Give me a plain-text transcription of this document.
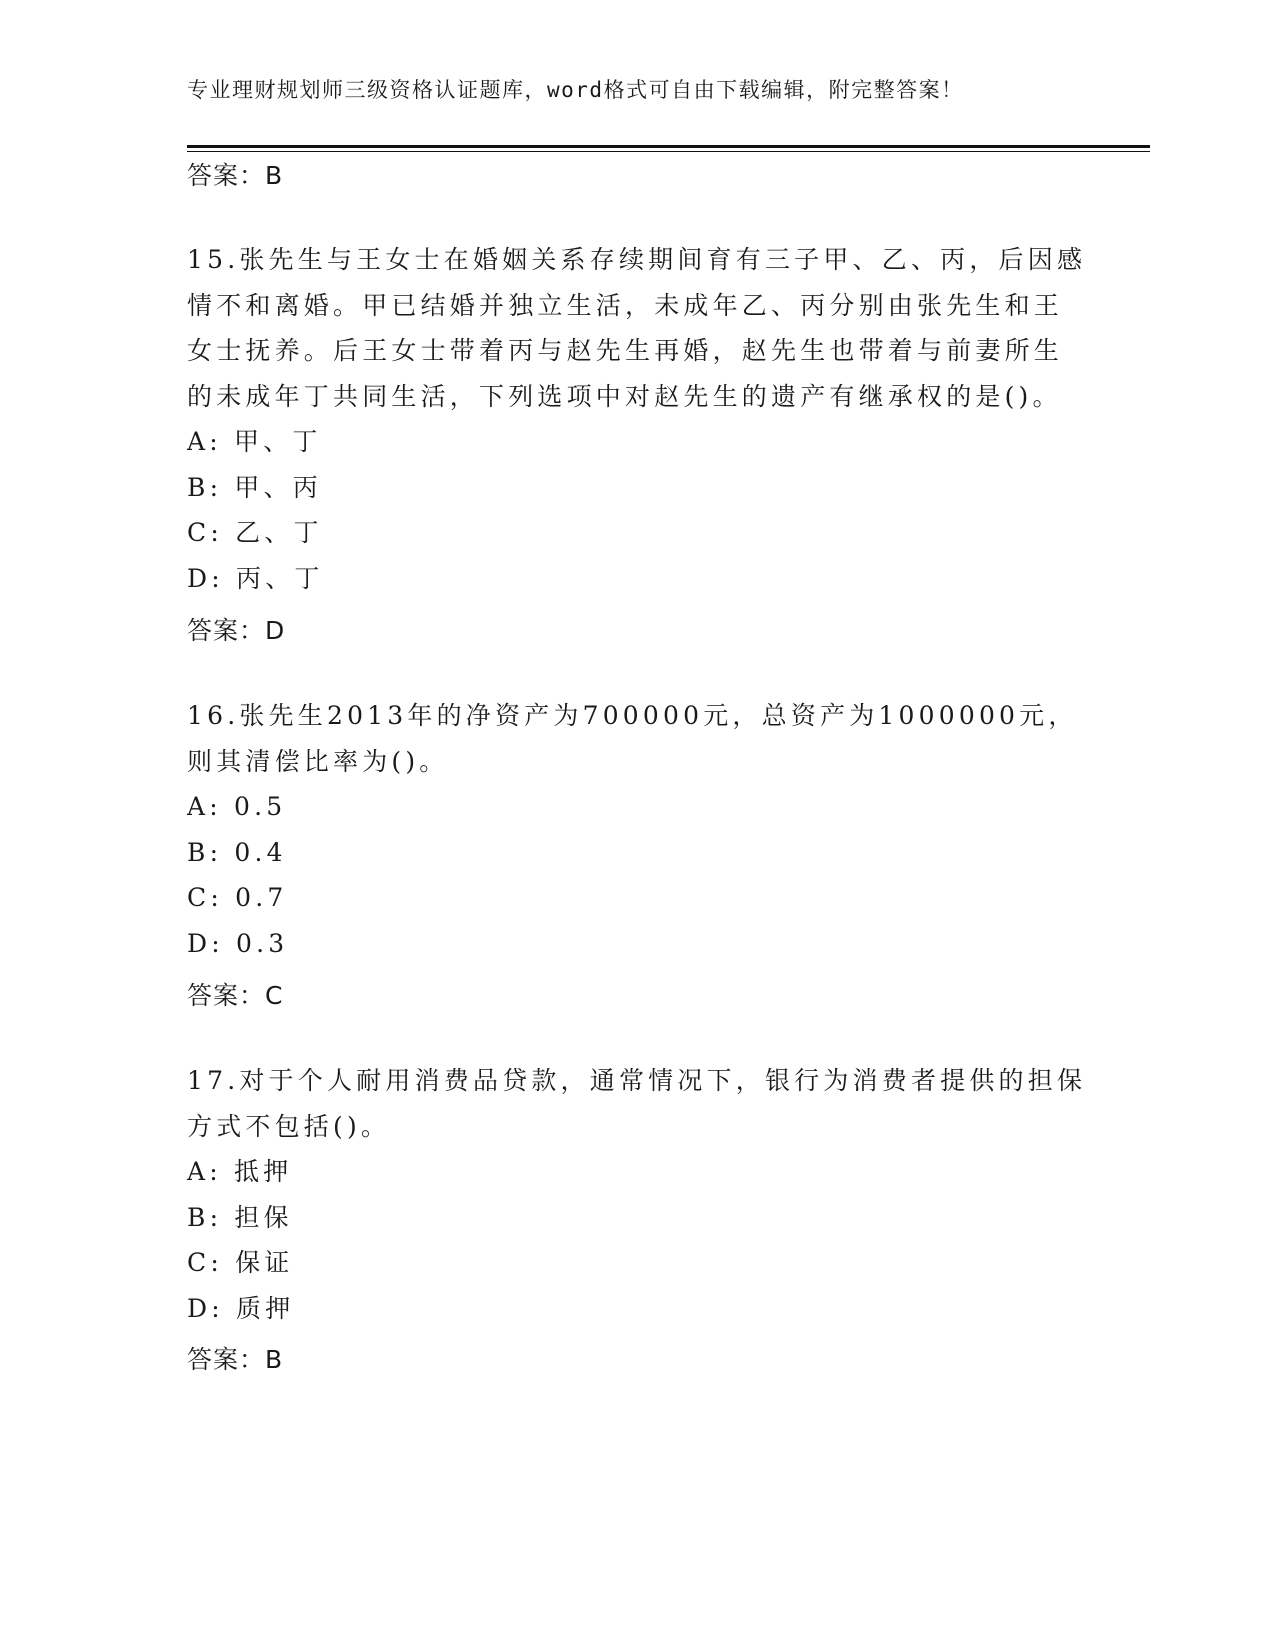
专业理财规划师三级资格认证题库，word格式可自由下载编辑，附完整答案！
答案：B

15.张先生与王女士在婚姻关系存续期间育有三子甲、乙、丙，后因感情不和离婚。甲已结婚并独立生活，未成年乙、丙分别由张先生和王女士抚养。后王女士带着丙与赵先生再婚，赵先生也带着与前妻所生的未成年丁共同生活，下列选项中对赵先生的遗产有继承权的是()。

A: 甲、丁
B: 甲、丙
C: 乙、丁
D: 丙、丁
答案：D

16.张先生2013年的净资产为700000元，总资产为1000000元，则其清偿比率为()。

A: 0.5
B: 0.4
C: 0.7
D: 0.3
答案：C

17.对于个人耐用消费品贷款，通常情况下，银行为消费者提供的担保方式不包括()。

A: 抵押
B: 担保
C: 保证
D: 质押
答案：B
